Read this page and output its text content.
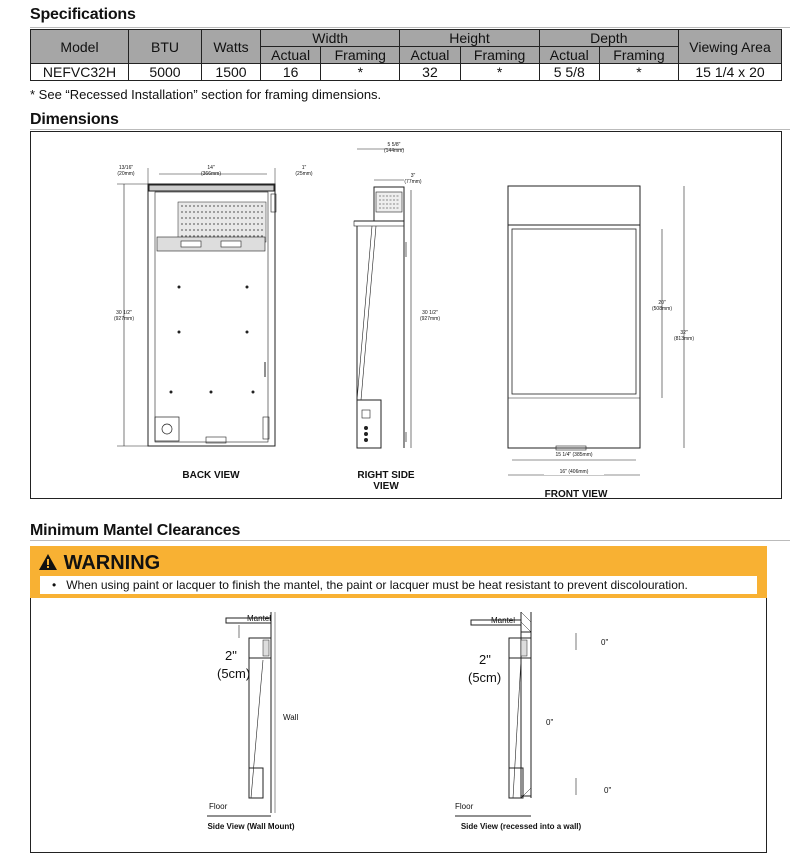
Specifications
Model	BTU	Watts	Width		Height		Depth		Viewing Area
			Actual	Framing	Actual	Framing	Actual	Framing	
NEFVC32H	5000	1500	16	*	32	*	5 5/8	*	15 1/4 x 20
* See “Recessed Installation” section for framing dimensions.
Dimensions
13/16"
(20mm)
14"
(366mm)
1"
(25mm)
30 1/2"
(927mm)
5 5/8"
(144mm)
3"
(77mm)
30 1/2"
(927mm)
20"
(508mm)
32"
(813mm)
15 1/4" (385mm)
16" (406mm)
BACK VIEW	RIGHT SIDE
VIEW
FRONT VIEW
Minimum Mantel Clearances
WARNING
• When using paint or lacquer to finish the mantel, the paint or lacquer must be heat resistant to prevent discolouration.
Mantel
2"
(5cm)
Wall
Floor
Side View (Wall Mount)
Mantel
2"
(5cm)
0"
0"
0"
Floor
Side View (recessed into a wall)
